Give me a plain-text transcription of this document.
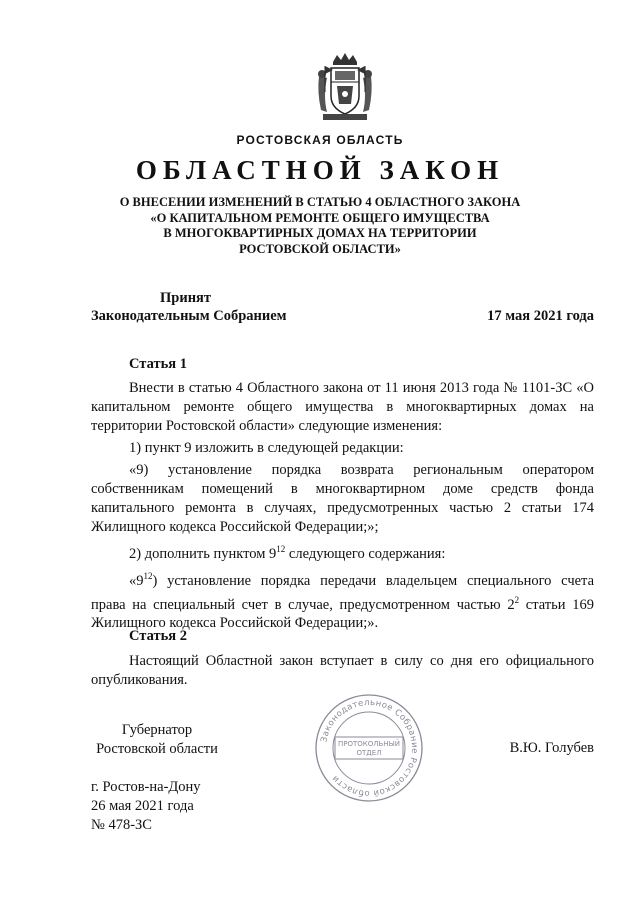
РОСТОВСКАЯ ОБЛАСТЬ
ОБЛАСТНОЙ ЗАКОН
О ВНЕСЕНИИ ИЗМЕНЕНИЙ В СТАТЬЮ 4 ОБЛАСТНОГО ЗАКОНА
«О КАПИТАЛЬНОМ РЕМОНТЕ ОБЩЕГО ИМУЩЕСТВА
В МНОГОКВАРТИРНЫХ ДОМАХ НА ТЕРРИТОРИИ
РОСТОВСКОЙ ОБЛАСТИ»
Принят
Законодательным Собранием	17 мая 2021 года
Статья 1

Внести в статью 4 Областного закона от 11 июня 2013 года № 1101-ЗС «О капитальном ремонте общего имущества в многоквартирных домах на территории Ростовской области» следующие изменения:

1) пункт 9 изложить в следующей редакции:

«9) установление порядка возврата региональным оператором собственникам помещений в многоквартирном доме средств фонда капитального ремонта в случаях, предусмотренных частью 2 статьи 174 Жилищного кодекса Российской Федерации;»;

2) дополнить пунктом $9^{12}$ следующего содержания:

«$9^{12}$) установление порядка передачи владельцем специального счета права на специальный счет в случае, предусмотренном частью $2^2$ статьи 169 Жилищного кодекса Российской Федерации;».

Статья 2

Настоящий Областной закон вступает в силу со дня его официального опубликования.

Губернатор
Ростовской области	В.Ю. Голубев
Законодательное Собрание Ростовской области
ПРОТОКОЛЬНЫЙ
ОТДЕЛ
г. Ростов-на-Дону
26 мая 2021 года
№ 478-ЗС
